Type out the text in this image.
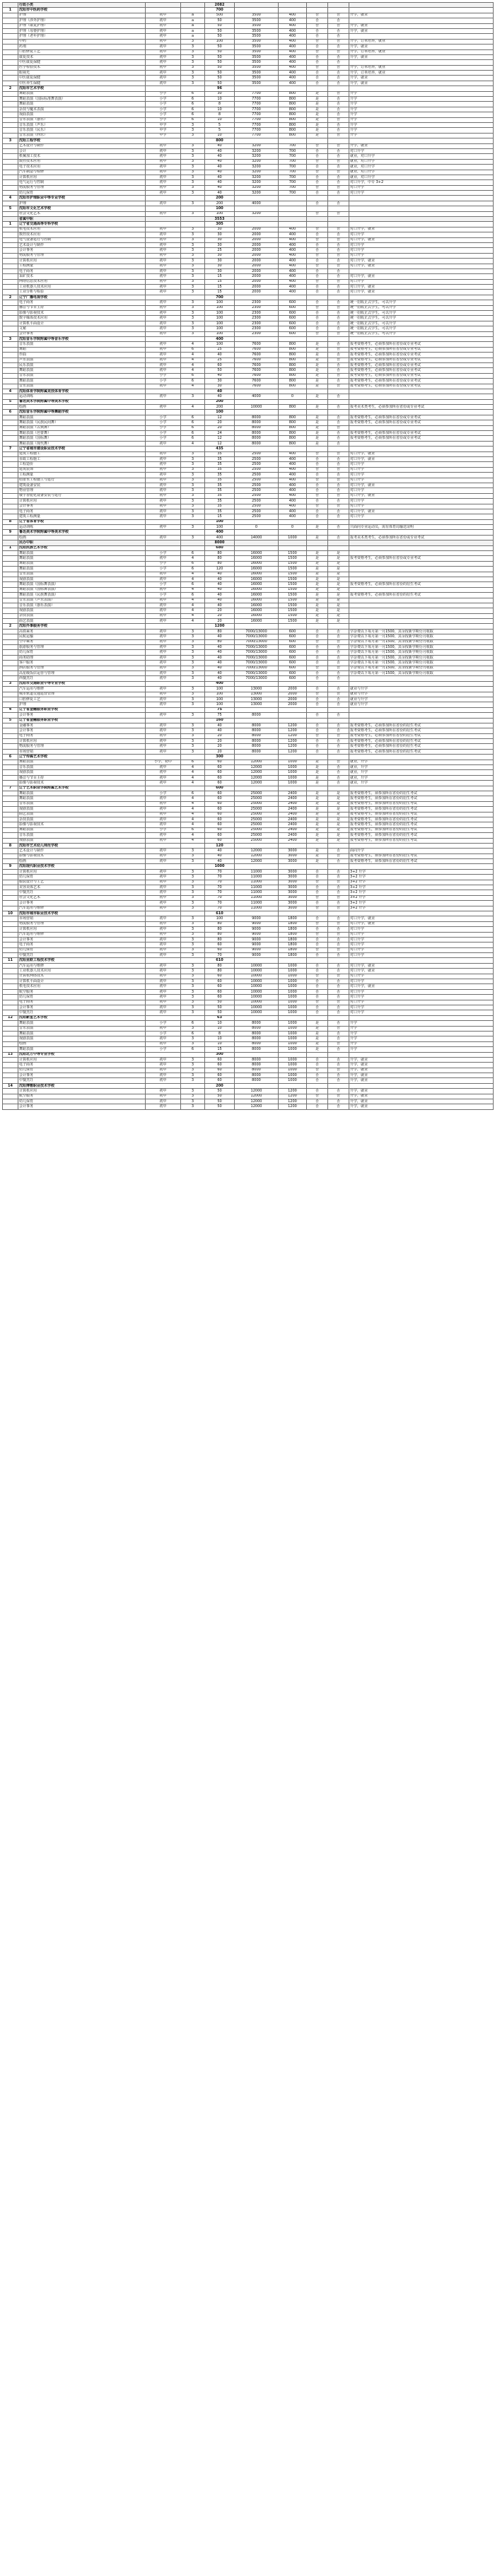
	行政小类			2082					
1	沈阳市中医药学校			700					
	护理	初中	a	500	3500	400	否	否	升学，就业
	护理（涉外护理）	初中	a	50	3500	400	否	否	
	护理（康复护理）	初中	a	50	3500	400	否	否	升学，就业
	护理（母婴护理）	初中	a	50	3500	400	否	否	升学，就业
	护理（老年护理）	初中	a	50	3500	400	否	否	
	中药	初中	3	100	3500	400	否	否	升学，订单培养，就业
	药剂	初中	3	50	3500	400	否	否	升学，就业
	口腔修复工艺	初中	3	50	3500	400	否	否	升学，订单培养，就业
	康复技术	初中	3	50	3500	400	否	否	升学，就业
	中医康复保健	初中	3	50	3500	400	否	否	
	医学检验技术	初中	3	50	3500	400	否	否	升学，订单培养，就业
	眼视光	初中	3	50	3500	400	否	否	升学，订单培养，就业
	中医康复保健	初中	3	50	3500	400	否	否	升学，就业
	中医养生保健	初中	3	50	3500	400	否	否	升学，就业
2	沈阳市艺术学校			96					
	舞蹈表演	小学	6	30	7700	800	是	否	升学
	舞蹈表演（国际标准舞表演）	小学	6	10	7700	800	是	否	升学
	舞蹈表演	小学	6	8	7700	800	是	否	升学
	杂技与魔术表演	小学	6	10	7700	800	是	否	升学
	戏曲表演	小学	6	8	7700	800	是	否	升学
	音乐表演（器乐）	小学	6	10	7700	800	是	否	升学
	音乐表演（声乐）	中学	3	5	7700	800	是	否	升学
	音乐表演（民乐）	中学	3	5	7700	800	是	否	升学
	音乐表演（西乐）	中学	3	10	7700	800	是	否	升学
3	沈阳工程学校			800					
	艺术设计与制作	初中	3	40	3200	700	否	否	升学，就业
	会计	初中	3	40	3200	700	否	否	对口升学
	机械加工技术	初中	3	40	3200	700	否	否	就业，对口升学
	数控技术应用	初中	3	40	3200	700	否	否	就业，对口升学
	电子技术应用	初中	3	40	3200	700	否	否	就业，对口升学
	汽车制造与检修	初中	3	40	3200	700	否	否	就业，对口升学
	计算机应用	初中	3	40	3200	700	否	否	就业，对口升学
	电气运行与控制	初中	3	40	3200	700	否	否	对口升学，中专 3+2
	物流服务与管理	初中	3	40	3200	700	否	否	对口升学
	幼儿保育	初中	3	40	3200	700	否	否	对口升学
4	沈阳市护理职业中等专业学校			200					
	护理	初中	3	200	4000		否	否	
5	沈阳市文化艺术学校			100					
	社会文化艺术	初中	3	100	3200		否	否	
	省属中职			3553					
1	辽宁省交通高等专科学校			305					
	机电技术应用	初中	3	30	2000	400	否	否	对口升学，就业
	数控技术应用	初中	3	30	2000	400	否	否	对口升学
	电气设备运行与控制	初中	3	30	2000	400	否	否	对口升学，就业
	艺术设计与制作	初中	3	30	2000	400	否	否	对口升学
	会计事务	初中	3	25	2000	400	否	否	对口升学
	物流服务与管理	初中	3	30	2000	400	否	否	对口升学
	计算机应用	初中	3	30	2000	400	否	否	对口升学，就业
	工程测量	初中	3	30	2000	400	否	否	对口升学，就业
	电子商务	初中	3	30	2000	400	否	否	
	采矿技术	初中	3	15	2000	400	否	否	对口升学，就业
	网络信息技术应用	初中	3	15	2000	400	否	否	对口升学
	工业机器人技术应用	初中	3	15	2000	400	否	否	对口升学，就业
	工业分析与检验	初中	3	15	2000	400	否	否	对口升学，就业
2	辽宁广播电视学校			700					
	电子商务	初中	3	100	2300	600	否	否	统一招收正式学生，可以升学
	播音与节目主持	初中	3	100	2300	600	否	否	统一招收正式学生，可以升学
	影像与影视技术	初中	3	100	2300	600	否	否	统一招收正式学生，可以升学
	数字媒体技术应用	初中	3	100	2300	600	否	否	统一招收正式学生，可以升学
	计算机平面设计	初中	3	100	2300	600	否	否	统一招收正式学生，可以升学
	文秘	初中	3	100	2300	600	否	否	统一招收正式学生，可以升学
	会计事务	初中	3	100	2300	600	否	否	统一招收正式学生，可以升学
3	沈阳音乐学院附属中等音乐学校			400					
	音乐表演	初中	4	100	7600	800	是	否	报考资格考生，必须参加所在省份或专业考试
	舞蹈	初中	6	25	7600	800	是	否	报考资格考生，必须参加所在省份或专业考试
	作曲	初中	4	40	7600	800	是	否	报考资格考生，必须参加所在省份或专业考试
	声乐表演	初中	4	25	7600	800	是	否	报考资格考生，必须参加所在省份或专业考试
	民乐表演	初中	4	60	7600	800	是	否	报考资格考生，必须参加所在省份或专业考试
	舞蹈表演	初中	4	50	7600	800	是	否	报考资格考生，必须参加所在省份或专业考试
	音乐表演	小学	6	40	7600	800	是	否	报考资格考生，必须参加所在省份或专业考试
	舞蹈表演	小学	6	30	7600	800	是	否	报考资格考生，必须参加所在省份或专业考试
	音乐表演	初中	4	30	7600	800	是	否	报考资格考生，必须参加所在省份或专业考试
4	沈阳体育学院附属竞技体育学校			40					
	运动训练	初中	3	40	4000	0	是	否	
5	鲁迅美术学院附属中等美术学校			200					
	绘画	初中	4	200	10000	800	是	否	报考美术类考生，必须参加所在省份或专业考试
6	沈阳音乐学院附属中等舞蹈学校			100					
	舞蹈表演	小学	6	12	8000	800	是	否	报考资格考生，必须参加所在省份或专业考试
	舞蹈表演（民族民间舞）	小学	6	20	8000	800	是	否	报考资格考生，必须参加所在省份或专业考试
	舞蹈表演（古典舞）	小学	6	20	8000	800	是	否	
	舞蹈表演（芭蕾舞）	小学	6	24	8000	800	是	否	报考资格考生，必须参加所在省份或专业考试
	舞蹈表演（国标舞）	小学	6	12	8000	800	是	否	报考资格考生，必须参加所在省份或专业考试
	舞蹈表演（现代舞）	初中	4	12	8000	800	是	否	
7	辽宁省城市建设职业技术学校			435					
	建筑工程施工	初中	3	35	2500	400	否	否	对口升学，就业
	市政工程施工	初中	3	35	2500	400	否	否	对口升学，就业
	工程造价	初中	3	35	2500	400	否	否	对口升学
	建筑装饰	初中	3	35	2500	400	否	否	对口升学
	工程测量	初中	3	35	2500	400	否	否	对口升学
	给排水工程施工与运行	初中	3	35	2500	400	否	否	对口升学
	建筑设备安装	初中	3	35	2500	400	否	否	对口升学，就业
	物业管理	初中	3	35	2500	400	否	否	对口升学
	楼宇智能化设备安装与运行	初中	3	35	2500	400	否	否	对口升学，就业
	计算机应用	初中	3	35	2500	400	否	否	对口升学
	会计事务	初中	3	35	2500	400	否	否	对口升学
	电子商务	初中	3	35	2500	400	否	否	对口升学，就业
	建筑工程测量	初中	3	15	2500	400	否	否	对口升学
8	辽宁省体育学校			100					
	运动训练	初中	3	100	0	0	是	否	只面向专业运动员，需有体育局输送证明
9	鲁迅美术学院附属中等美术学校			400					
	绘画	初中	3	400	14000	1000	是	否	报考美术类考生，必须参加所在省份或专业考试
	民办中职			8000					
1	沈阳民族艺术学校			680					
	舞蹈表演	小学	6	80	16000	1500	是	是	
	舞蹈表演	初中	4	80	16000	1500	是	是	报考资格考生，必须参加所在省份或专业考试
	舞蹈表演	小学	6	80	16000	1500	是	是	
	舞蹈表演	小学	6	120	16000	1500	是	是	
	音乐表演	初中	4	40	16000	1500	是	是	
	戏剧表演	初中	4	40	16000	1500	是	是	
	舞蹈表演（国标舞表演）	小学	6	40	16000	1500	是	是	报考资格考生，必须参加所在省份的招生考试
	舞蹈表演（国标舞表演）	初中	4	40	16000	1500	是	是	
	舞蹈表演（民族舞表演）	小学	6	40	16000	1500	是	是	报考资格考生，必须参加所在省份的招生考试
	音乐表演（声乐表演）	初中	4	40	16000	1500	是	是	
	音乐表演（器乐表演）	初中	4	40	16000	1500	是	是	
	戏剧表演	初中	4	20	16000	1500	是	是	
	杂技表演	初中	4	20	16000	1500	是	是	
	曲艺表演	初中	4	20	16000	1500	是	是	
2	沈阳外事服务学校			1200					
	高铁乘务	初中	3	80	7000/13000	600	否	否	学杂费以下每月第一月1500，其余按新学期分月收取
	民航运输	初中	3	40	7000/13000	600	否	否	学杂费以下每月第一月1500，其余按新学期分月收取
	空中乘务	初中	3	80	7000/13000	600	否	否	学杂费以下每月第一月1500，其余按新学期分月收取
	旅游服务与管理	初中	3	40	7000/13000	600	否	否	学杂费以下每月第一月1500，其余按新学期分月收取
	幼儿保育	初中	3	40	7000/13000	600	否	否	学杂费以下每月第一月1500，其余按新学期分月收取
	商务助理	初中	3	40	7000/13000	600	否	否	学杂费以下每月第一月1500，其余按新学期分月收取
	客户服务	初中	3	40	7000/13000	600	否	否	学杂费以下每月第一月1500，其余按新学期分月收取
	酒店服务与管理	初中	3	40	7000/13000	600	否	否	学杂费以下每月第一月1500，其余按新学期分月收取
	高星级饭店运营与管理	初中	3	40	7000/13000	600	否	否	学杂费以下每月第一月1500，其余按新学期分月收取
	西餐烹饪	初中	3	40	7000/13000	600	否	否	
3	沈阳市交通职业中等专业学校			400					
	汽车运用与维修	初中	3	100	13000	2000	否	否	就业与升学
	城市轨道交通运营管理	初中	3	100	13000	2000	否	否	就业与升学
	口腔修复工艺	初中	3	100	13000	2000	否	否	就业与升学
	护理	初中	3	100	13000	2000	否	否	就业与升学
4	辽宁省金融服务职业学校			75					
	会计事务	初中	3	75	8000		否	否	
5	辽宁省金融服务职业学校			160					
	金融事务	初中	3	40	8000	1200	否	否	报考资格考生，必须参加所在省份的招生考试
	会计事务	初中	3	40	8000	1200	否	否	报考资格考生，必须参加所在省份的招生考试
	电子商务	初中	3	20	8000	1200	否	否	报考资格考生，必须参加所在省份的招生考试
	计算机应用	初中	3	20	8000	1200	否	否	报考资格考生，必须参加所在省份的招生考试
	物流服务与管理	初中	3	20	8000	1200	否	否	报考资格考生，必须参加所在省份的招生考试
	市场营销	初中	3	20	8000	1200	否	否	报考资格考生，必须参加所在省份的招生考试
6	辽宁传媒艺术学校			300					
	舞蹈表演	小学，初中	6	60	12000	1000	是	否	就业，升学
	音乐表演	初中	4	60	12000	1000	是	否	就业，升学
	戏剧表演	初中	4	60	12000	1000	是	否	就业，升学
	播音与节目主持	初中	4	60	12000	1000	是	否	就业，升学
	影像与影视技术	初中	4	60	12000	1000	是	否	就业，升学
7	辽宁艺术职业学院附属艺术学校			600					
	舞蹈表演	小学	6	60	25000	2400	是	是	报考资格考生，须参加所在省份的招生考试
	舞蹈表演	初中	4	60	25000	2400	是	是	报考资格考生，须参加所在省份的招生考试
	音乐表演	初中	4	60	25000	2400	是	是	报考资格考生，须参加所在省份的招生考试
	戏剧表演	初中	4	60	25000	2400	是	是	报考资格考生，须参加所在省份的招生考试
	曲艺表演	初中	4	60	25000	2400	是	是	报考资格考生，须参加所在省份的招生考试
	杂技表演	初中	4	60	25000	2400	是	是	报考资格考生，须参加所在省份的招生考试
	影像与影视技术	初中	4	60	25000	2400	是	是	报考资格考生，须参加所在省份的招生考试
	舞蹈表演	小学	6	60	25000	2400	是	是	报考资格考生，须参加所在省份的招生考试
	音乐表演	初中	4	60	25000	2400	是	是	报考资格考生，须参加所在省份的招生考试
	戏剧表演	初中	4	60	25000	2400	是	是	报考资格考生，须参加所在省份的招生考试
8	沈阳市艺术幼儿师范学校			120					
	艺术设计与制作	初中	3	40	12000	3000	是	否	面向升学
	影像与影视技术	初中	3	40	12000	3000	是	否	报考资格考生，须参加所在省份的招生考试
	绘画	初中	3	40	12000	3000	是	否	报考资格考生，须参加所在省份的招生考试
9	沈阳现代职业技术学校			1000					
	计算机应用	初中	3	70	11000	3000	否	否	3+2 升学
	幼儿保育	初中	3	70	11000	3000	否	否	3+2 升学
	服装设计与工艺	初中	3	70	11000	3000	否	否	3+2 升学
	美容美体艺术	初中	3	70	11000	3000	否	否	3+2 升学
	中餐烹饪	初中	3	70	11000	3000	否	否	3+2 升学
	社会文化艺术	初中	3	70	11000	3000	否	否	3+2 升学
	会计事务	初中	3	70	11000	3000	否	否	3+2 升学
	汽车运用与维修	初中	3	70	11000	3000	否	否	3+2 升学
10	沈阳市城市职业技术学校			610					
	市场营销	初中	3	100	9000	1800	否	否	对口升学，就业
	物流服务与管理	初中	3	80	9000	1800	否	否	对口升学，就业
	计算机应用	初中	3	80	9000	1800	否	否	对口升学
	汽车运用与维修	初中	3	80	9000	1800	否	否	对口升学
	会计事务	初中	3	80	9000	1800	否	否	对口升学
	电子商务	初中	3	60	9000	1800	否	否	对口升学
	幼儿保育	初中	3	60	9000	1800	否	否	对口升学
	中餐烹饪	初中	3	70	9000	1800	否	否	对口升学
11	沈阳亚欧工程技术学校			610					
	汽车运用与维修	初中	3	80	10000	1000	否	否	对口升学，就业
	工业机器人技术应用	初中	3	80	10000	1000	否	否	对口升学，就业
	计算机网络技术	初中	3	60	10000	1000	否	否	对口升学
	计算机平面设计	初中	3	60	10000	1000	否	否	对口升学
	机电技术应用	初中	3	60	10000	1000	否	否	对口升学，就业
	航空服务	初中	3	60	10000	1000	否	否	对口升学
	幼儿保育	初中	3	60	10000	1000	否	否	对口升学
	电子商务	初中	3	50	10000	1000	否	否	对口升学
	会计事务	初中	3	50	10000	1000	否	否	对口升学
	中餐烹饪	初中	3	50	10000	1000	否	否	对口升学
12	沈阳新星艺术学校			63					
	舞蹈表演	小学	6	10	8000	1000	是	否	升学
	音乐表演	初中	3	10	8000	1000	是	否	升学
	舞蹈表演	小学	6	8	8000	1000	是	否	升学
	戏剧表演	初中	3	10	8000	1000	是	否	升学
	绘画	初中	3	10	8000	1000	是	否	升学
	舞蹈表演	小学	6	15	8000	1000	是	否	升学
13	沈阳北方中等专业学校			300					
	计算机应用	初中	3	60	8000	1000	否	否	升学，就业
	电子商务	初中	3	60	8000	1000	否	否	升学，就业
	幼儿保育	初中	3	60	8000	1000	否	否	升学，就业
	会计事务	初中	3	60	8000	1000	否	否	升学，就业
	中餐烹饪	初中	3	60	8000	1000	否	否	升学，就业
14	沈阳博雅职业技术学校			200					
	计算机应用	初中	3	50	12000	1200	否	否	升学，就业
	航空服务	初中	3	50	12000	1200	否	否	升学，就业
	幼儿保育	初中	3	50	12000	1200	否	否	升学，就业
	会计事务	初中	3	50	12000	1200	否	否	升学，就业
